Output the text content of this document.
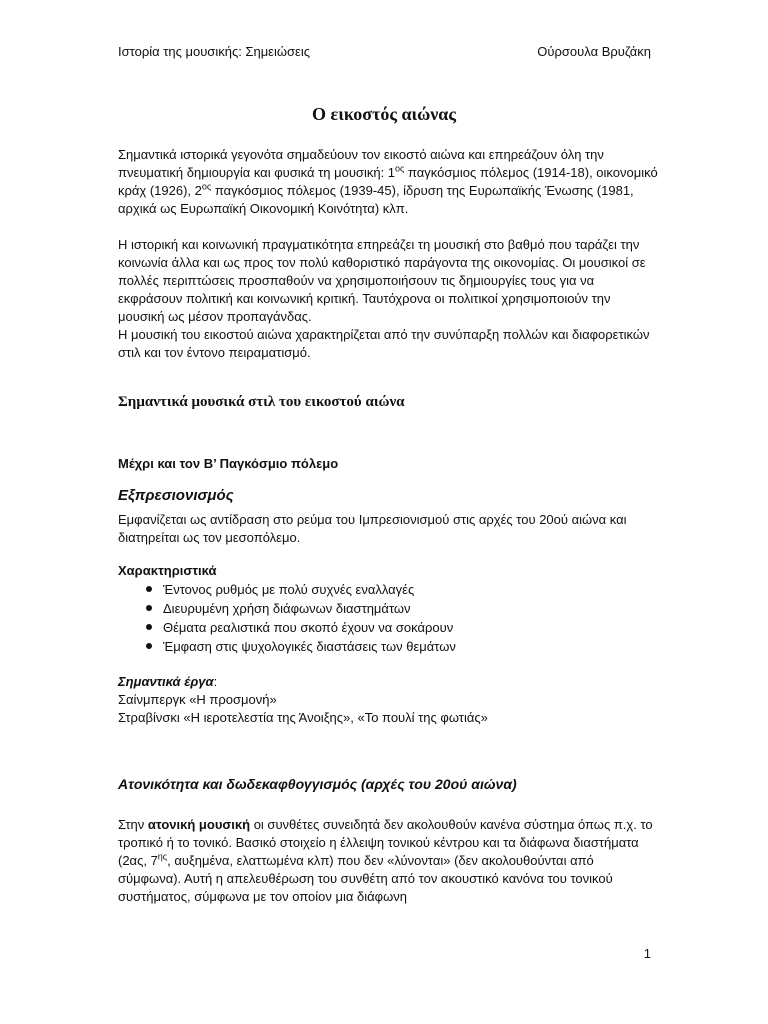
Ιστορία της μουσικής: Σημειώσεις	Ούρσουλα Βρυζάκη
Ο εικοστός αιώνας

Σημαντικά ιστορικά γεγονότα σημαδεύουν τον εικοστό αιώνα και επηρεάζουν όλη την πνευματική δημιουργία και φυσικά τη μουσική: $1^{o\varsigma}$ παγκόσμιος πόλεμος (1914-18), οικονομικό κράχ (1926), $2^{o\varsigma}$ παγκόσμιος πόλεμος (1939-45), ίδρυση της Ευρωπαϊκής Ένωσης (1981, αρχικά ως Ευρωπαϊκή Οικονομική Κοινότητα) κλπ.

Η ιστορική και κοινωνική πραγματικότητα επηρεάζει τη μουσική στο βαθμό που ταράζει την κοινωνία άλλα και ως προς τον πολύ καθοριστικό παράγοντα της οικονομίας. Οι μουσικοί σε πολλές περιπτώσεις προσπαθούν να χρησιμοποιήσουν τις δημιουργίες τους για να εκφράσουν πολιτική και κοινωνική κριτική. Ταυτόχρονα οι πολιτικοί χρησιμοποιούν την μουσική ως μέσον προπαγάνδας.

Η μουσική του εικοστού αιώνα χαρακτηρίζεται από την συνύπαρξη πολλών και διαφορετικών στιλ και τον έντονο πειραματισμό.

Σημαντικά μουσικά στιλ του εικοστού αιώνα
Μέχρι και τον Β’ Παγκόσμιο πόλεμο
Εξπρεσιονισμός

Εμφανίζεται ως αντίδραση στο ρεύμα του Ιμπρεσιονισμού στις αρχές του 20ού αιώνα και διατηρείται ως τον μεσοπόλεμο.

Χαρακτηριστικά
Έντονος ρυθμός με πολύ συχνές εναλλαγές
Διευρυμένη χρήση διάφωνων διαστημάτων
Θέματα ρεαλιστικά που σκοπό έχουν να σοκάρουν
Έμφαση στις ψυχολογικές διαστάσεις των θεμάτων

Σημαντικά έργα:

Σαίνμπεργκ «Η προσμονή»

Στραβίνσκι «Η ιεροτελεστία της Άνοιξης», «Το πουλί της φωτιάς»

Ατονικότητα και δωδεκαφθογγισμός (αρχές του 20ού αιώνα)

Στην ατονική μουσική οι συνθέτες συνειδητά δεν ακολουθούν κανένα σύστημα όπως π.χ. το τροπικό ή το τονικό. Βασικό στοιχείο η έλλειψη τονικού κέντρου και τα διάφωνα διαστήματα (2ας, $7^{\eta\varsigma}$, αυξημένα, ελαττωμένα κλπ) που δεν «λύνονται» (δεν ακολουθούνται από σύμφωνα). Αυτή η απελευθέρωση του συνθέτη από τον ακουστικό κανόνα του τονικού συστήματος, σύμφωνα με τον οποίον μια διάφωνη

1
